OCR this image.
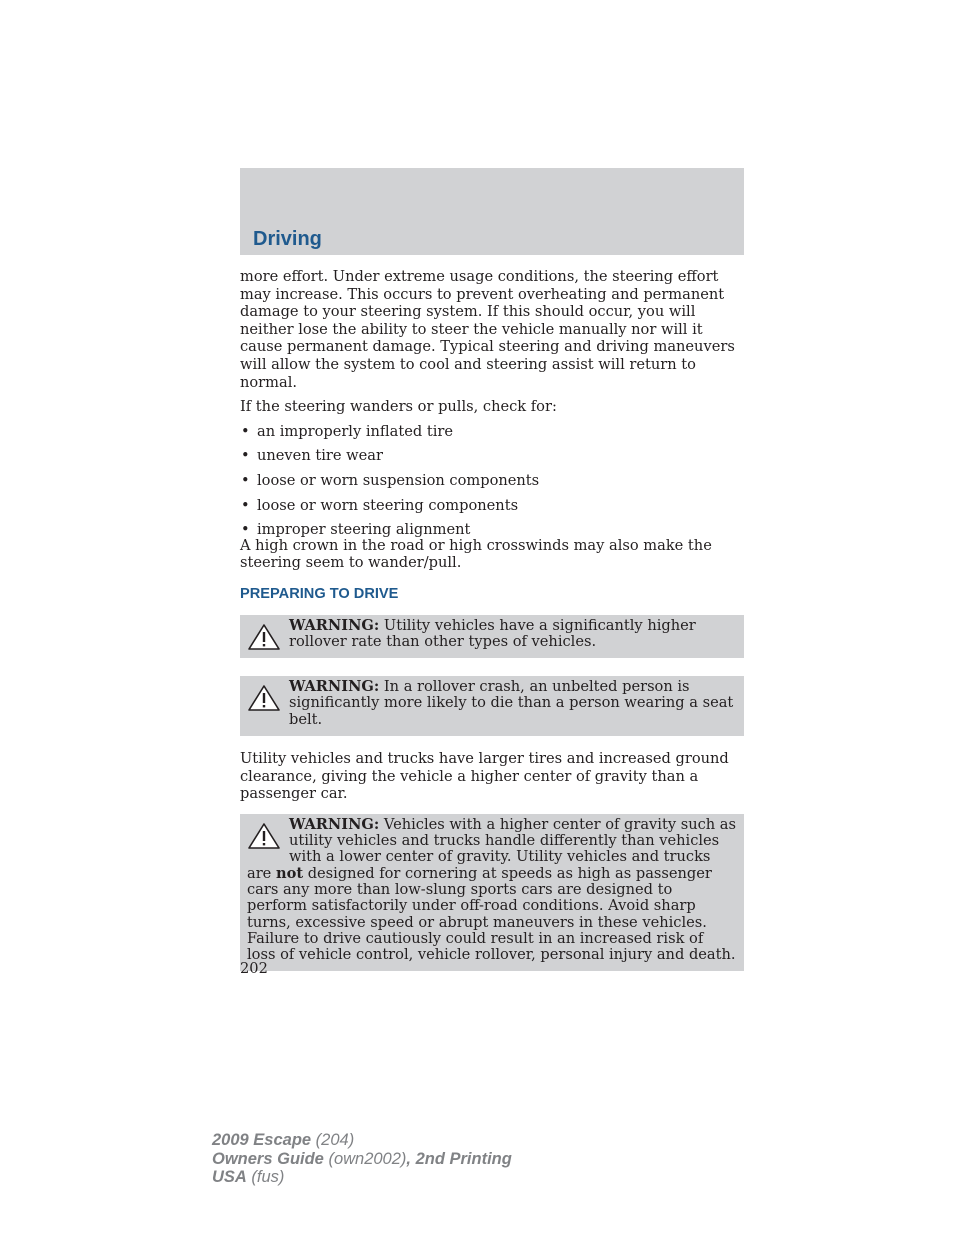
Driving

more effort. Under extreme usage conditions, the steering effort may increase. This occurs to prevent overheating and permanent damage to your steering system. If this should occur, you will neither lose the ability to steer the vehicle manually nor will it cause permanent damage. Typical steering and driving maneuvers will allow the system to cool and steering assist will return to normal.

If the steering wanders or pulls, check for:

• an improperly inflated tire
• uneven tire wear
• loose or worn suspension components
• loose or worn steering components
• improper steering alignment

A high crown in the road or high crosswinds may also make the steering seem to wander/pull.

PREPARING TO DRIVE
WARNING: Utility vehicles have a significantly higher rollover rate than other types of vehicles.
WARNING: In a rollover crash, an unbelted person is significantly more likely to die than a person wearing a seat belt.

Utility vehicles and trucks have larger tires and increased ground clearance, giving the vehicle a higher center of gravity than a passenger car.

WARNING: Vehicles with a higher center of gravity such as utility vehicles and trucks handle differently than vehicles with a lower center of gravity. Utility vehicles and trucks are not designed for cornering at speeds as high as passenger cars any more than low-slung sports cars are designed to perform satisfactorily under off-road conditions. Avoid sharp turns, excessive speed or abrupt maneuvers in these vehicles. Failure to drive cautiously could result in an increased risk of loss of vehicle control, vehicle rollover, personal injury and death.
202
2009 Escape (204)
Owners Guide (own2002), 2nd Printing
USA (fus)
